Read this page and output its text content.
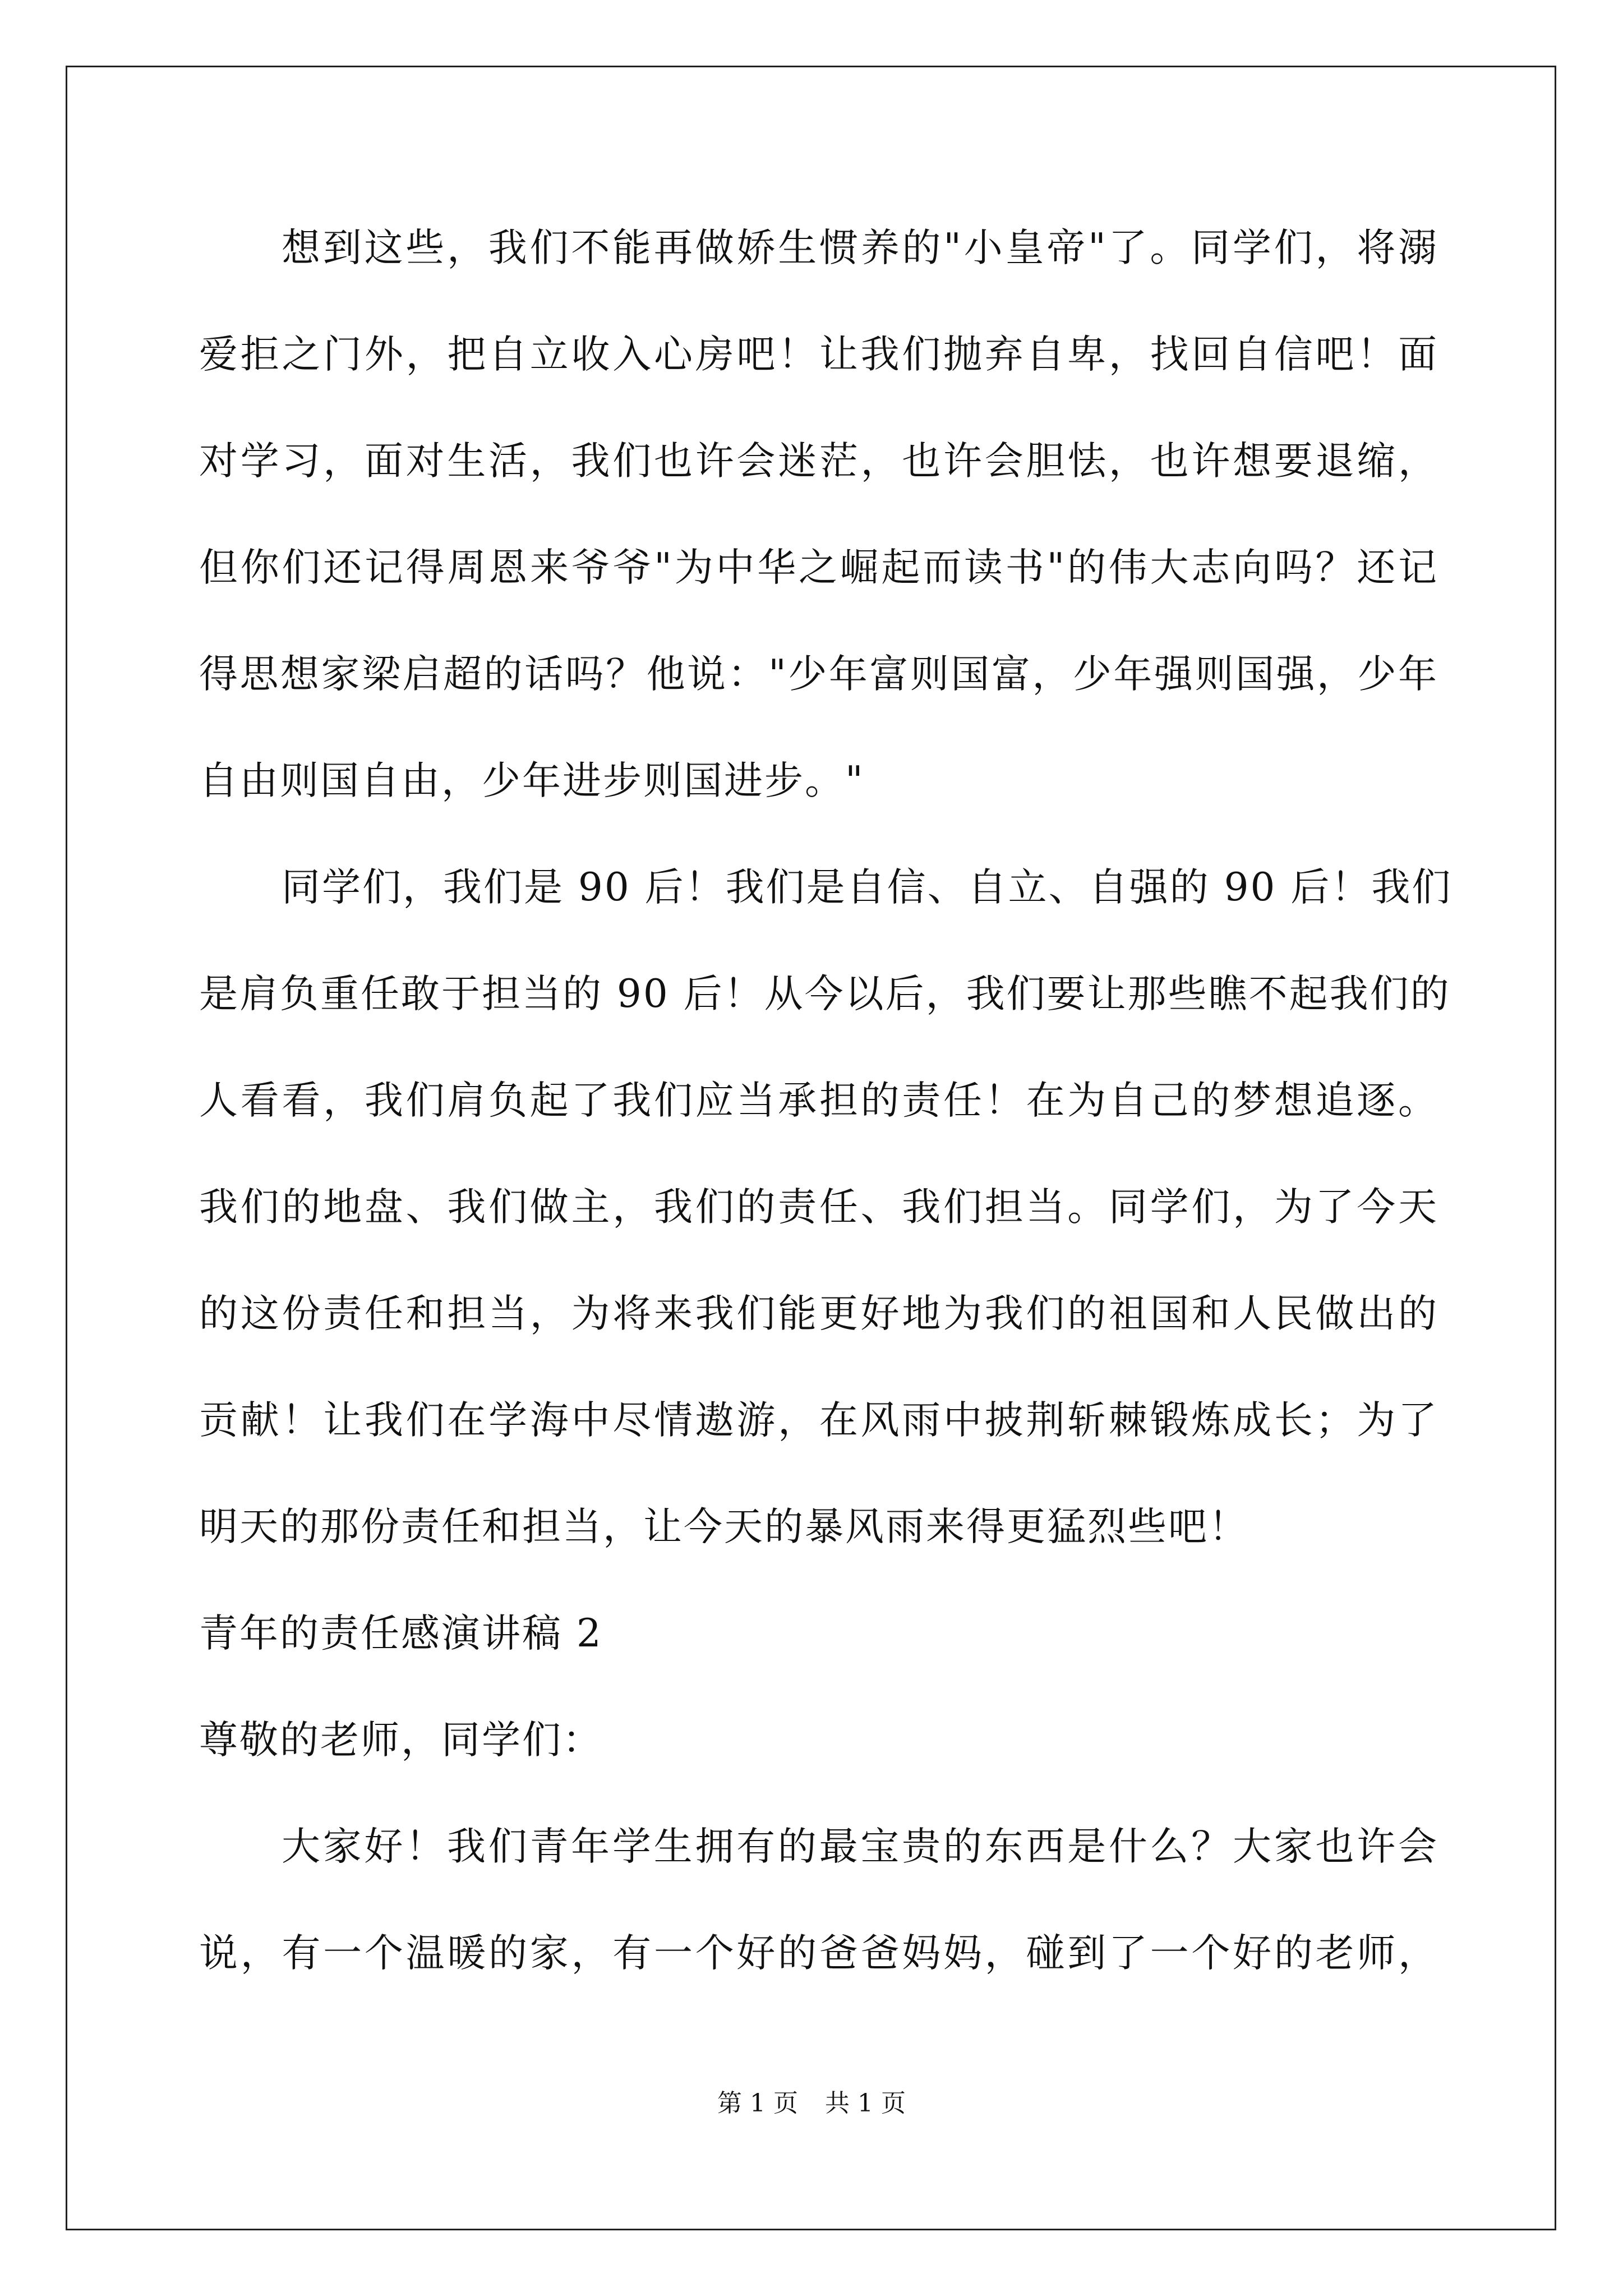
想到这些，我们不能再做娇生惯养的"小皇帝"了。同学们，将溺
爱拒之门外，把自立收入心房吧！让我们抛弃自卑，找回自信吧！面
对学习，面对生活，我们也许会迷茫，也许会胆怯，也许想要退缩，
但你们还记得周恩来爷爷"为中华之崛起而读书"的伟大志向吗？还记
得思想家梁启超的话吗？他说："少年富则国富，少年强则国强，少年
自由则国自由，少年进步则国进步。"
同学们，我们是 90 后！我们是自信、自立、自强的 90 后！我们
是肩负重任敢于担当的 90 后！从今以后，我们要让那些瞧不起我们的
人看看，我们肩负起了我们应当承担的责任！在为自己的梦想追逐。
我们的地盘、我们做主，我们的责任、我们担当。同学们，为了今天
的这份责任和担当，为将来我们能更好地为我们的祖国和人民做出的
贡献！让我们在学海中尽情遨游，在风雨中披荆斩棘锻炼成长；为了
明天的那份责任和担当，让今天的暴风雨来得更猛烈些吧！
青年的责任感演讲稿 2
尊敬的老师，同学们：
大家好！我们青年学生拥有的最宝贵的东西是什么？大家也许会
说，有一个温暖的家，有一个好的爸爸妈妈，碰到了一个好的老师，
第 1 页 共 1 页
